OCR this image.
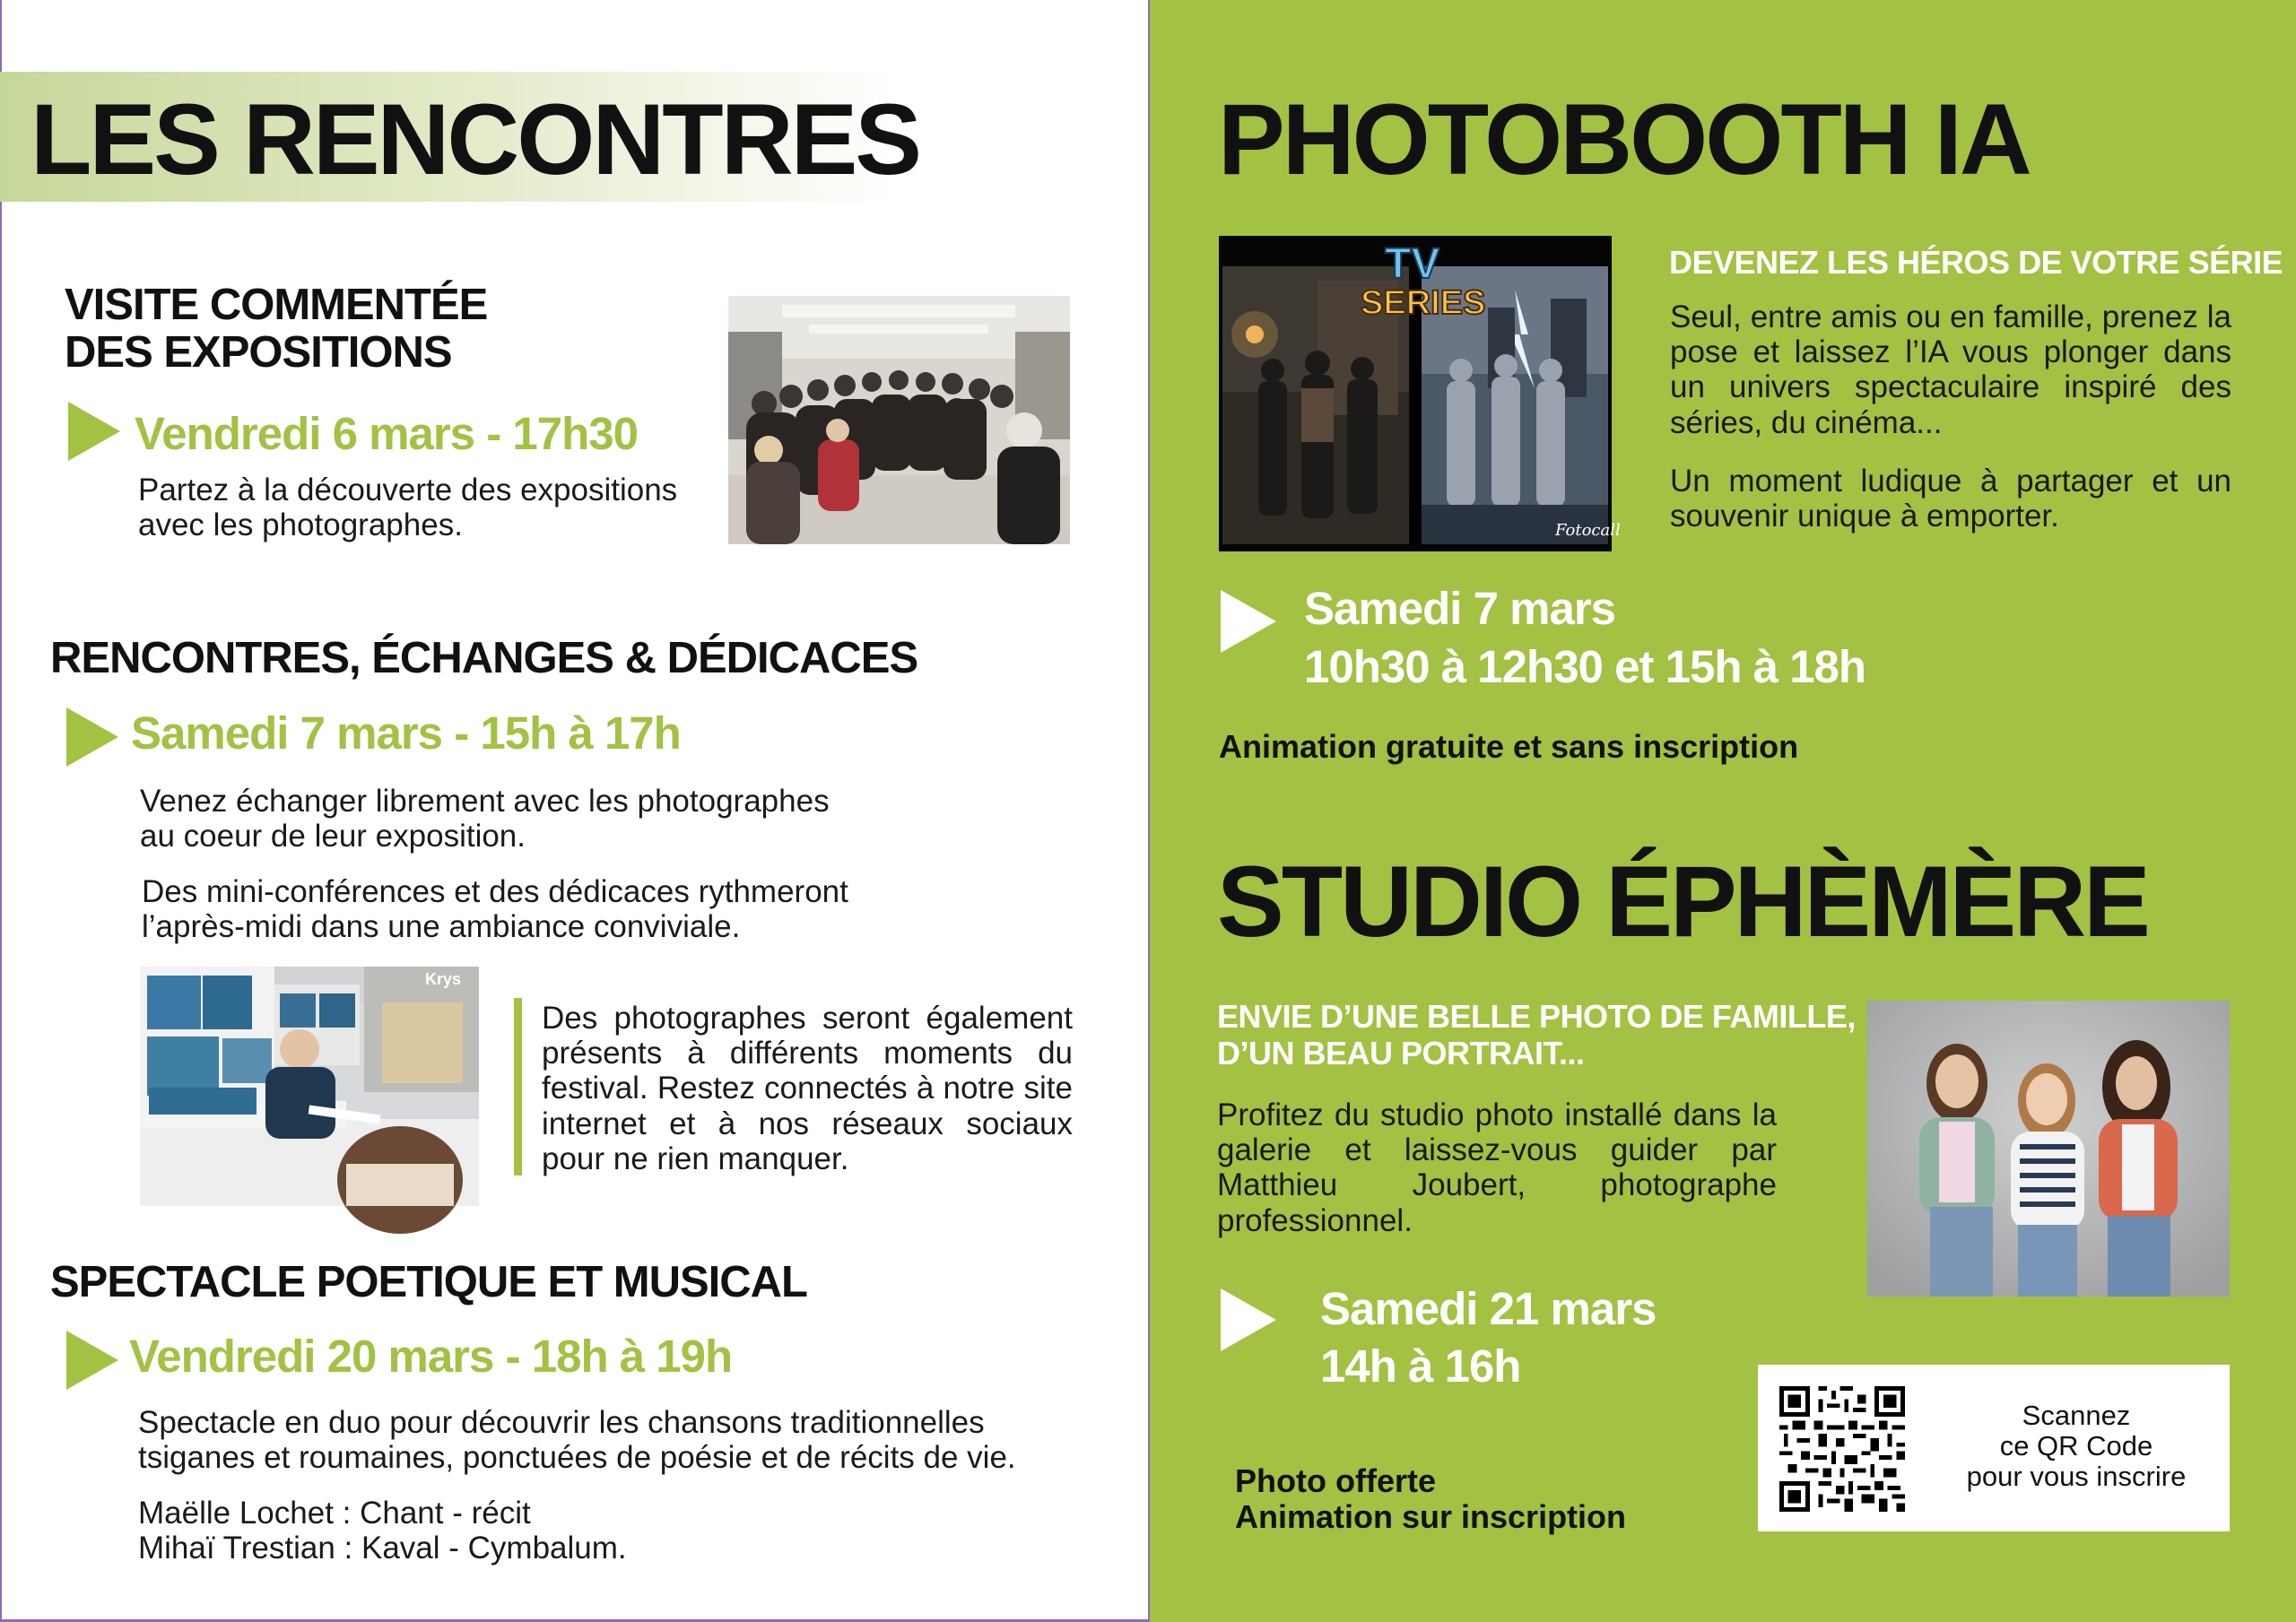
LES RENCONTRES
VISITE COMMENTÉE
DES EXPOSITIONS
Vendredi 6 mars - 17h30
Partez à la découverte des expositions
avec les photographes.
RENCONTRES, ÉCHANGES & DÉDICACES
Samedi 7 mars - 15h à 17h
Venez échanger librement avec les photographes
au coeur de leur exposition.
Des mini-conférences et des dédicaces rythmeront
l’après-midi dans une ambiance conviviale.
Krys
Des photographes seront également présents à différents moments du festival. Restez connectés à notre site internet et à nos réseaux sociaux pour ne rien manquer.
SPECTACLE POETIQUE ET MUSICAL
Vendredi 20 mars - 18h à 19h
Spectacle en duo pour découvrir les chansons traditionnelles
tsiganes et roumaines, ponctuées de poésie et de récits de vie.
Maëlle Lochet : Chant - récit
Mihaï Trestian : Kaval - Cymbalum.
PHOTOBOOTH IA
TV
SERIES
Fotocall
DEVENEZ LES HÉROS DE VOTRE SÉRIE
Seul, entre amis ou en famille, prenez la pose et laissez l’IA vous plonger dans un univers spectaculaire inspiré des séries, du cinéma...
Un moment ludique à partager et un souvenir unique à emporter.
Samedi 7 mars
10h30 à 12h30 et 15h à 18h
Animation gratuite et sans inscription
STUDIO ÉPHÈMÈRE
ENVIE D’UNE BELLE PHOTO DE FAMILLE,
D’UN BEAU PORTRAIT...
Profitez du studio photo installé dans la galerie et laissez-vous guider par Matthieu Joubert, photographe professionnel.
Samedi 21 mars
14h à 16h
Photo offerte
Animation sur inscription
Scannez
ce QR Code
pour vous inscrire
